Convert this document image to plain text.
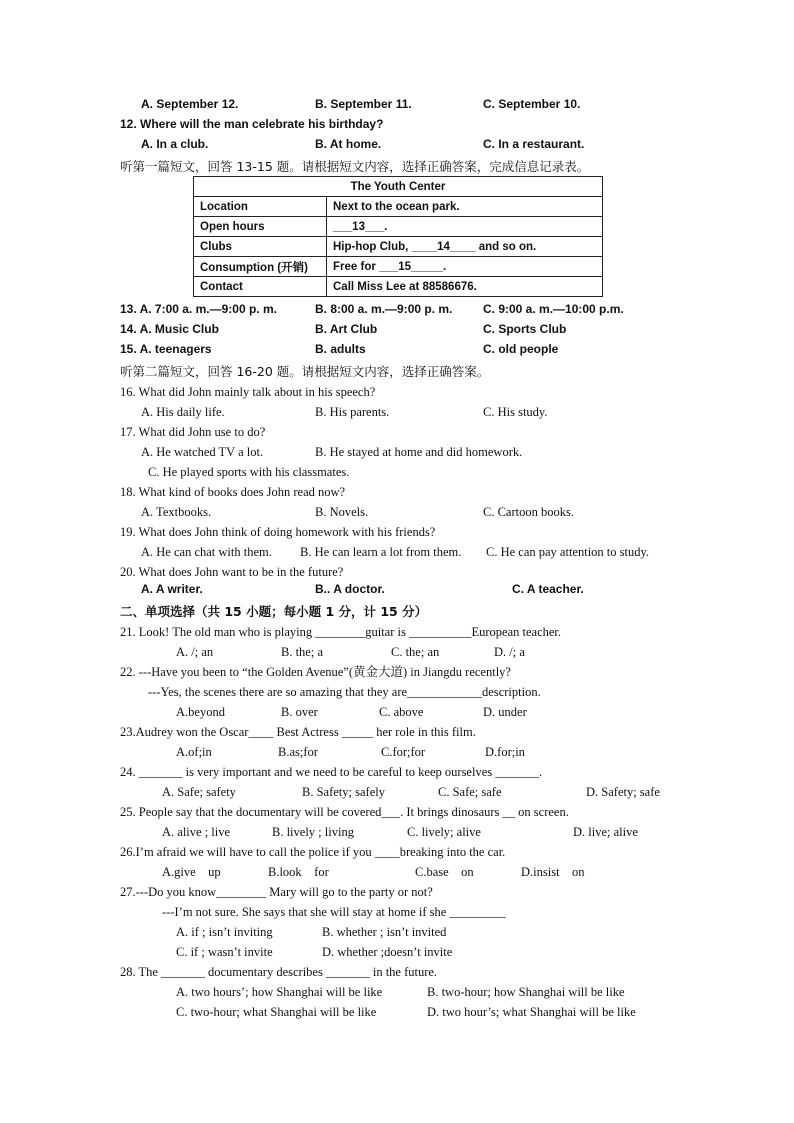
A. September 12.	B. September 11.	C. September 10.
12. Where will the man celebrate his birthday?
A. In a club.	B. At home.	C. In a restaurant.
听第一篇短文，回答 13-15 题。请根据短文内容，选择正确答案，完成信息记录表。
The Youth Center	
Location	Next to the ocean park.
Open hours	___13___.
Clubs	Hip-hop Club, ____14____ and so on.
Consumption (开销)	Free for ___15_____.
Contact	Call Miss Lee at 88586676.
13. A. 7:00 a. m.—9:00 p. m.	B. 8:00 a. m.—9:00 p. m.	C. 9:00 a. m.—10:00 p.m.
14. A. Music Club	B. Art Club	C. Sports Club
15. A. teenagers	B. adults	C. old people
听第二篇短文，回答 16-20 题。请根据短文内容，选择正确答案。
16. What did John mainly talk about in his speech?
A. His daily life.	B. His parents.	C. His study.
17. What did John use to do?
A. He watched TV a lot.	B. He stayed at home and did homework.
C. He played sports with his classmates.
18. What kind of books does John read now?
A. Textbooks.	B. Novels.	C. Cartoon books.
19. What does John think of doing homework with his friends?
A. He can chat with them. B. He can learn a lot from them. C. He can pay attention to study.
20. What does John want to be in the future?
A. A writer.	B.. A doctor.	C. A teacher.
二、单项选择（共 15 小题；每小题 1 分，计 15 分）
21. Look! The old man who is playing ________guitar is __________European teacher.
A. /; an	B. the; a	C. the; an	D. /; a
22. ---Have you been to “the Golden Avenue”(黄金大道) in Jiangdu recently?
---Yes, the scenes there are so amazing that they are____________description.
A.beyond	B. over	C. above	D. under
23.Audrey won the Oscar____ Best Actress _____ her role in this film.
A.of;in	B.as;for	C.for;for	D.for;in
24. _______ is very important and we need to be careful to keep ourselves _______.
A. Safe; safety	B. Safety; safely	C. Safe; safe	D. Safety; safe
25. People say that the documentary will be covered___. It brings dinosaurs __ on screen.
A. alive ; live	B. lively ; living	C. lively; alive	D. live; alive
26.I’m afraid we will have to call the police if you ____breaking into the car.
A.give    up	B.look    for	C.base    on	D.insist    on
27.---Do you know________ Mary will go to the party or not?
---I’m not sure. She says that she will stay at home if she _________
A. if ; isn’t inviting	B. whether ; isn’t invited
C. if ; wasn’t invite	D. whether ;doesn’t invite
28. The _______ documentary describes _______ in the future.
A. two hours’; how Shanghai will be like	B. two-hour; how Shanghai will be like
C. two-hour; what Shanghai will be like	D. two hour’s; what Shanghai will be like
